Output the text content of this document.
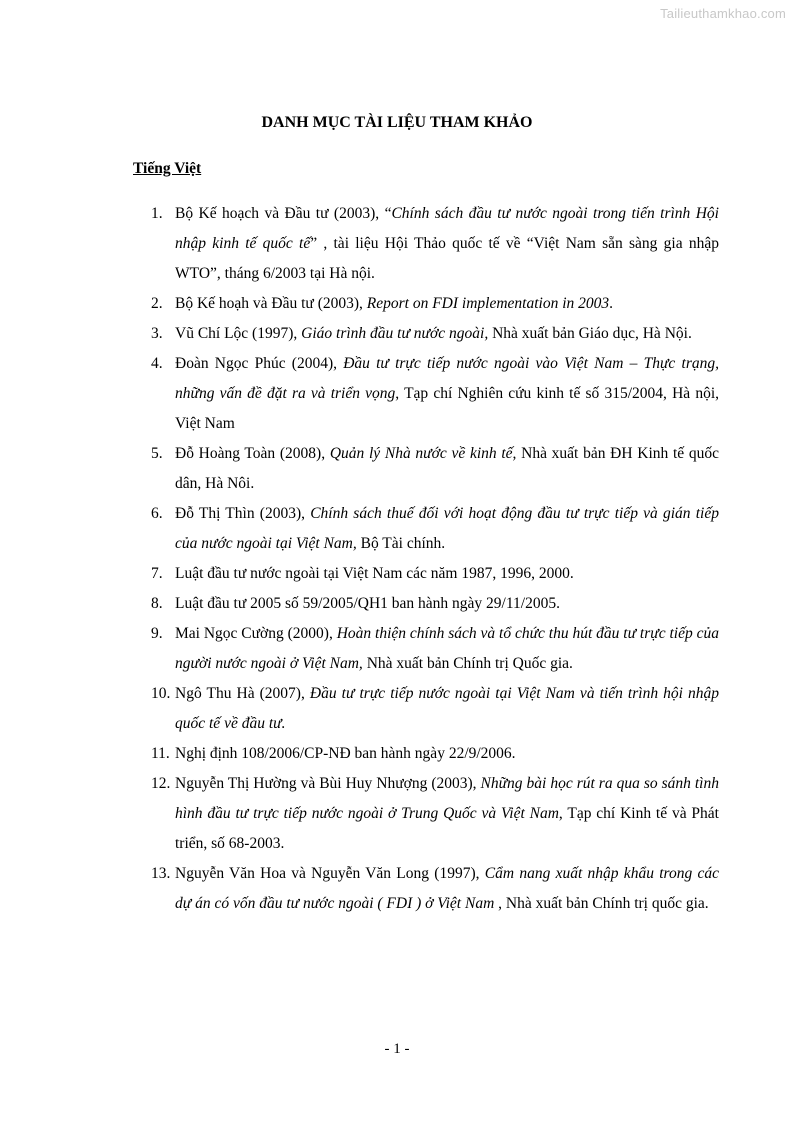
Tailieuthamkhao.com
DANH MỤC TÀI LIỆU THAM KHẢO
Tiếng Việt
1. Bộ Kế hoạch và Đầu tư (2003), “Chính sách đầu tư nước ngoài trong tiến trình Hội nhập kinh tế quốc tế” , tài liệu Hội Thảo quốc tế về “Việt Nam sẵn sàng gia nhập WTO”, tháng 6/2003 tại Hà nội.
2. Bộ Kế hoạh và Đầu tư (2003), Report on FDI implementation in 2003.
3. Vũ Chí Lộc (1997), Giáo trình đầu tư nước ngoài, Nhà xuất bản Giáo dục, Hà Nội.
4. Đoàn Ngọc Phúc (2004), Đầu tư trực tiếp nước ngoài vào Việt Nam – Thực trạng, những vấn đề đặt ra và triển vọng, Tạp chí Nghiên cứu kinh tế số 315/2004, Hà nội, Việt Nam
5. Đỗ Hoàng Toàn (2008), Quản lý Nhà nước về kinh tế, Nhà xuất bản ĐH Kinh tế quốc dân, Hà Nôi.
6. Đỗ Thị Thìn (2003), Chính sách thuế đối với hoạt động đầu tư trực tiếp và gián tiếp của nước ngoài tại Việt Nam, Bộ Tài chính.
7. Luật đầu tư nước ngoài tại Việt Nam các năm 1987, 1996, 2000.
8. Luật đầu tư 2005 số 59/2005/QH1 ban hành ngày 29/11/2005.
9. Mai Ngọc Cường (2000), Hoàn thiện chính sách và tổ chức thu hút đầu tư trực tiếp của người nước ngoài ở Việt Nam, Nhà xuất bản Chính trị Quốc gia.
10. Ngô Thu Hà (2007), Đầu tư trực tiếp nước ngoài tại Việt Nam và tiến trình hội nhập quốc tế về đầu tư.
11. Nghị định 108/2006/CP-NĐ ban hành ngày 22/9/2006.
12. Nguyễn Thị Hường và Bùi Huy Nhượng (2003), Những bài học rút ra qua so sánh tình hình đầu tư trực tiếp nước ngoài ở Trung Quốc và Việt Nam, Tạp chí Kinh tế và Phát triển, số 68-2003.
13. Nguyễn Văn Hoa và Nguyễn Văn Long (1997), Cẩm nang xuất nhập khẩu trong các dự án có vốn đầu tư nước ngoài ( FDI ) ở Việt Nam , Nhà xuất bản Chính trị quốc gia.
- 1 -
